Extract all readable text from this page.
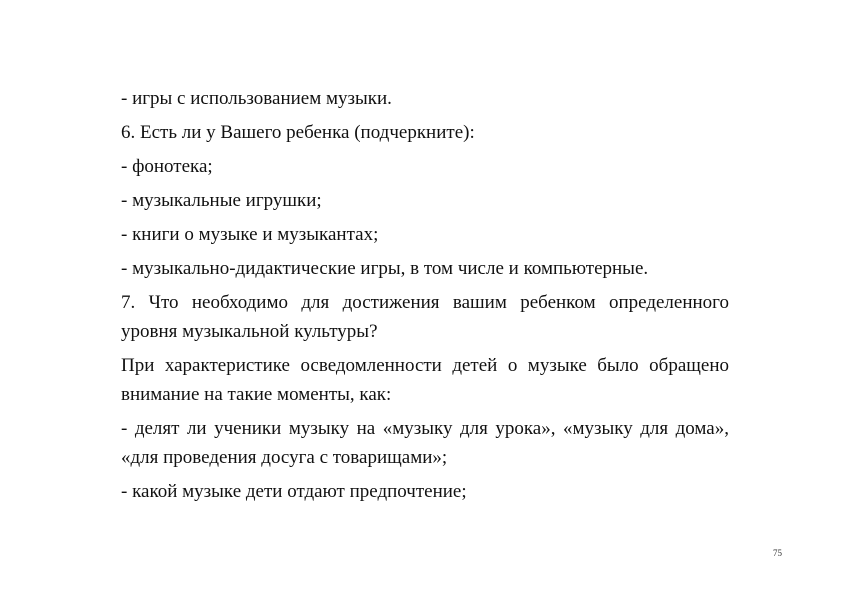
- игры с использованием музыки.

6. Есть ли у Вашего ребенка (подчеркните):

- фонотека;

- музыкальные игрушки;

- книги о музыке и музыкантах;

- музыкально-дидактические игры, в том числе и компьютерные.

7. Что необходимо для достижения вашим ребенком определенного уровня музыкальной культуры?

При характеристике осведомленности детей о музыке было обращено внимание на такие моменты, как:

- делят ли ученики музыку на «музыку для урока», «музыку для дома», «для проведения досуга с товарищами»;

- какой музыке дети отдают предпочтение;

75
